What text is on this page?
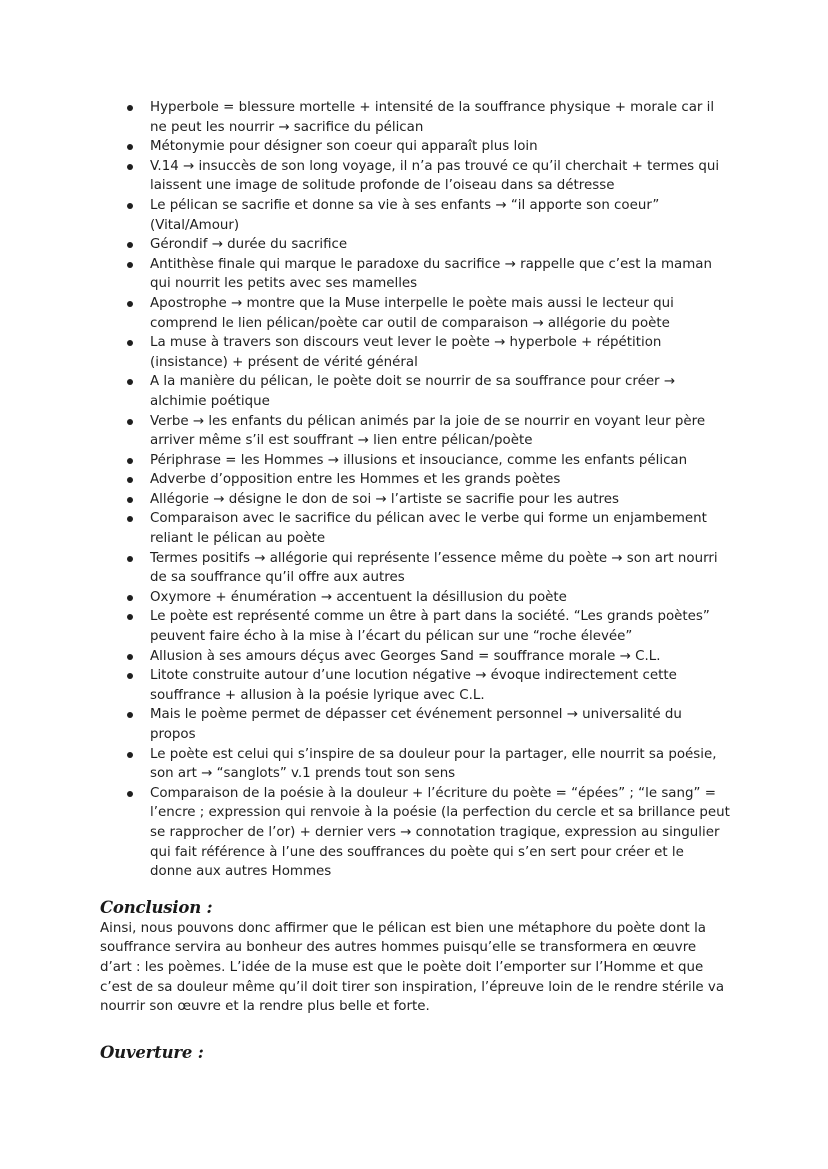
Hyperbole = blessure mortelle + intensité de la souffrance physique + morale car il ne peut les nourrir → sacrifice du pélican
Métonymie pour désigner son coeur qui apparaît plus loin
V.14 → insuccès de son long voyage, il n’a pas trouvé ce qu’il cherchait + termes qui laissent une image de solitude profonde de l’oiseau dans sa détresse
Le pélican se sacrifie et donne sa vie à ses enfants → “il apporte son coeur” (Vital/Amour)
Gérondif → durée du sacrifice
Antithèse finale qui marque le paradoxe du sacrifice → rappelle que c’est la maman qui nourrit les petits avec ses mamelles
Apostrophe → montre que la Muse interpelle le poète mais aussi le lecteur qui comprend le lien pélican/poète car outil de comparaison → allégorie du poète
La muse à travers son discours veut lever le poète → hyperbole + répétition (insistance) + présent de vérité général
A la manière du pélican, le poète doit se nourrir de sa souffrance pour créer → alchimie poétique
Verbe → les enfants du pélican animés par la joie de se nourrir en voyant leur père arriver même s’il est souffrant → lien entre pélican/poète
Périphrase = les Hommes → illusions et insouciance, comme les enfants pélican
Adverbe d’opposition entre les Hommes et les grands poètes
Allégorie → désigne le don de soi → l’artiste se sacrifie pour les autres
Comparaison avec le sacrifice du pélican avec le verbe qui forme un enjambement reliant le pélican au poète
Termes positifs → allégorie qui représente l’essence même du poète → son art nourri de sa souffrance qu’il offre aux autres
Oxymore + énumération → accentuent la désillusion du poète
Le poète est représenté comme un être à part dans la société. “Les grands poètes” peuvent faire écho à la mise à l’écart du pélican sur une “roche élevée”
Allusion à ses amours déçus avec Georges Sand = souffrance morale → C.L.
Litote construite autour d’une locution négative → évoque indirectement cette souffrance + allusion à la poésie lyrique avec C.L.
Mais le poème permet de dépasser cet événement personnel → universalité du propos
Le poète est celui qui s’inspire de sa douleur pour la partager, elle nourrit sa poésie, son art → “sanglots” v.1 prends tout son sens
Comparaison de la poésie à la douleur + l’écriture du poète = “épées” ; “le sang” = l’encre ; expression qui renvoie à la poésie (la perfection du cercle et sa brillance peut se rapprocher de l’or) + dernier vers → connotation tragique, expression au singulier qui fait référence à l’une des souffrances du poète qui s’en sert pour créer et le donne aux autres Hommes
Conclusion :

Ainsi, nous pouvons donc affirmer que le pélican est bien une métaphore du poète dont la souffrance servira au bonheur des autres hommes puisqu’elle se transformera en œuvre d’art : les poèmes. L’idée de la muse est que le poète doit l’emporter sur l’Homme et que c’est de sa douleur même qu’il doit tirer son inspiration, l’épreuve loin de le rendre stérile va nourrir son œuvre et la rendre plus belle et forte.

Ouverture :
